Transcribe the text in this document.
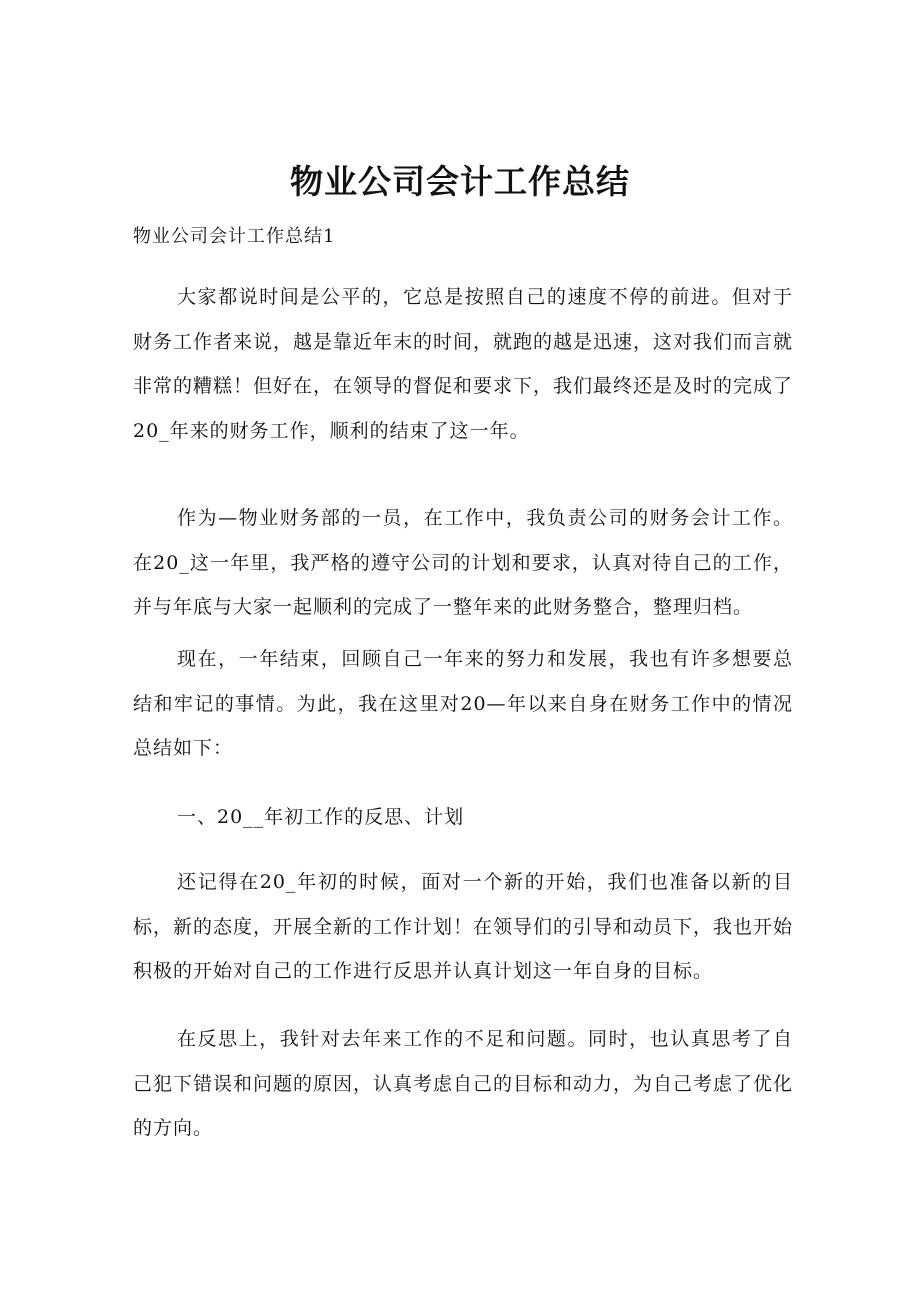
物业公司会计工作总结

物业公司会计工作总结1

大家都说时间是公平的，它总是按照自己的速度不停的前进。但对于财务工作者来说，越是靠近年末的时间，就跑的越是迅速，这对我们而言就非常的糟糕！但好在，在领导的督促和要求下，我们最终还是及时的完成了20_年来的财务工作，顺利的结束了这一年。

作为—物业财务部的一员，在工作中，我负责公司的财务会计工作。在20_这一年里，我严格的遵守公司的计划和要求，认真对待自己的工作，并与年底与大家一起顺利的完成了一整年来的此财务整合，整理归档。

现在，一年结束，回顾自己一年来的努力和发展，我也有许多想要总结和牢记的事情。为此，我在这里对20—年以来自身在财务工作中的情况总结如下：

一、20__年初工作的反思、计划

还记得在20_年初的时候，面对一个新的开始，我们也准备以新的目标，新的态度，开展全新的工作计划！在领导们的引导和动员下，我也开始积极的开始对自己的工作进行反思并认真计划这一年自身的目标。

在反思上，我针对去年来工作的不足和问题。同时，也认真思考了自己犯下错误和问题的原因，认真考虑自己的目标和动力，为自己考虑了优化的方向。
